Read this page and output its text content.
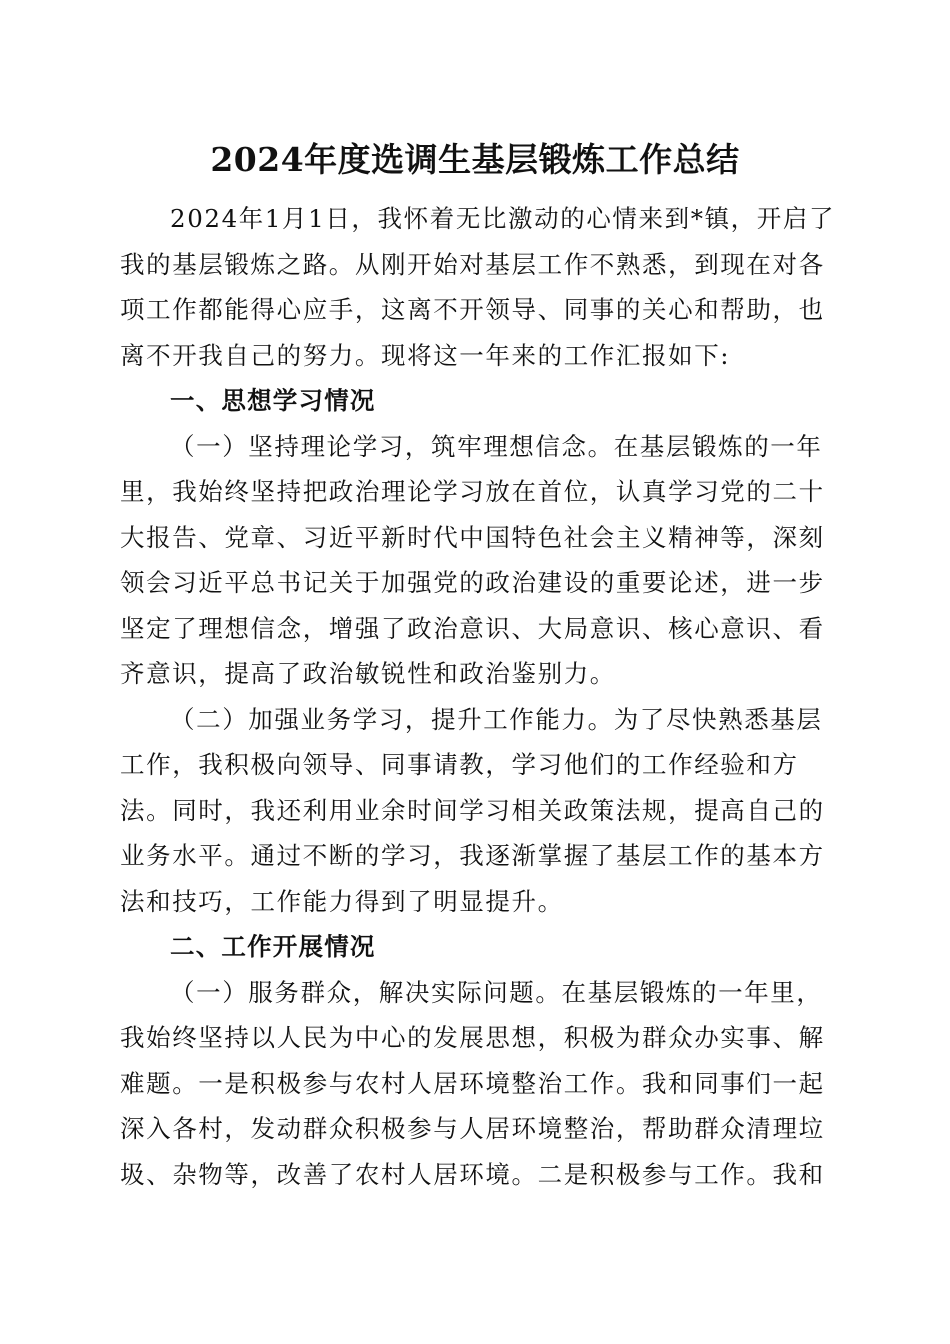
2024年度选调生基层锻炼工作总结
2024年1月1日，我怀着无比激动的心情来到*镇，开启了
我的基层锻炼之路。从刚开始对基层工作不熟悉，到现在对各
项工作都能得心应手，这离不开领导、同事的关心和帮助，也
离不开我自己的努力。现将这一年来的工作汇报如下:
一、思想学习情况
（一）坚持理论学习，筑牢理想信念。在基层锻炼的一年
里，我始终坚持把政治理论学习放在首位，认真学习党的二十
大报告、党章、习近平新时代中国特色社会主义精神等，深刻
领会习近平总书记关于加强党的政治建设的重要论述，进一步
坚定了理想信念，增强了政治意识、大局意识、核心意识、看
齐意识，提高了政治敏锐性和政治鉴别力。
（二）加强业务学习，提升工作能力。为了尽快熟悉基层
工作，我积极向领导、同事请教，学习他们的工作经验和方
法。同时，我还利用业余时间学习相关政策法规，提高自己的
业务水平。通过不断的学习，我逐渐掌握了基层工作的基本方
法和技巧，工作能力得到了明显提升。
二、工作开展情况
（一）服务群众，解决实际问题。在基层锻炼的一年里，
我始终坚持以人民为中心的发展思想，积极为群众办实事、解
难题。一是积极参与农村人居环境整治工作。我和同事们一起
深入各村，发动群众积极参与人居环境整治，帮助群众清理垃
圾、杂物等，改善了农村人居环境。二是积极参与工作。我和
